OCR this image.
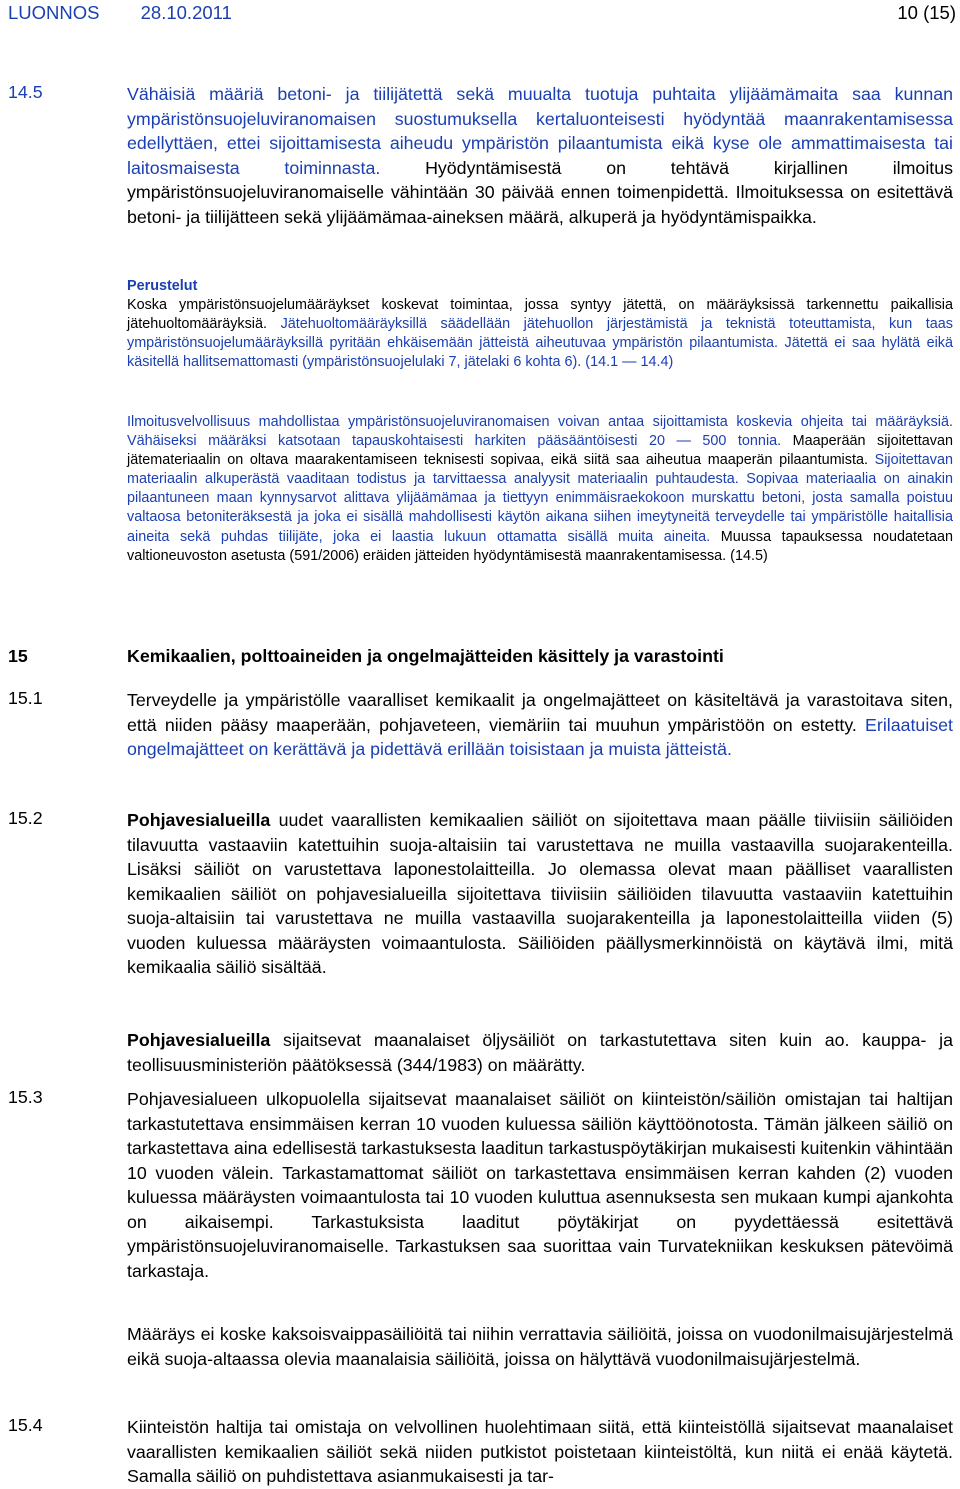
LUONNOS 28.10.2011	10 (15)
14.5	Vähäisiä määriä betoni- ja tiilijätettä sekä muualta tuotuja puhtaita ylijäämämaita saa kunnan ympäristönsuojeluviranomaisen suostumuksella kertaluonteisesti hyödyntää maanrakentamisessa edellyttäen, ettei sijoittamisesta aiheudu ympäristön pilaantumista eikä kyse ole ammattimaisesta tai laitosmaisesta toiminnasta.	Hyödyntämisestä on tehtävä kirjallinen ilmoitus ympäristönsuojeluviranomaiselle vähintään 30 päivää ennen toimenpidettä. Ilmoituksessa on esitettävä betoni- ja tiilijätteen sekä ylijäämämaa-aineksen määrä, alkuperä ja hyödyntämispaikka.

Perustelut

Koska ympäristönsuojelumääräykset koskevat toimintaa, jossa syntyy jätettä, on määräyksissä tarkennettu paikallisia jätehuoltomääräyksiä. Jätehuoltomääräyksillä säädellään jätehuollon järjestämistä ja teknistä toteuttamista, kun taas ympäristönsuojelumääräyksillä pyritään ehkäisemään jätteistä aiheutuvaa ympäristön pilaantumista. Jätettä ei saa hylätä eikä käsitellä hallitsemattomasti (ympäristönsuojelulaki 7, jätelaki 6 kohta 6). (14.1 — 14.4)

Ilmoitusvelvollisuus mahdollistaa ympäristönsuojeluviranomaisen voivan antaa sijoittamista koskevia ohjeita tai määräyksiä. Vähäiseksi määräksi katsotaan tapauskohtaisesti harkiten pääsääntöisesti 20 — 500 tonnia. Maaperään sijoitettavan jätemateriaalin on oltava maarakentamiseen teknisesti sopivaa, eikä siitä saa aiheutua maaperän pilaantumista. Sijoitettavan materiaalin alkuperästä vaaditaan todistus ja tarvittaessa analyysit materiaalin puhtaudesta. Sopivaa materiaalia on ainakin pilaantuneen maan kynnysarvot alittava ylijäämämaa ja tiettyyn enimmäisraekokoon murskattu betoni, josta samalla poistuu valtaosa betoniteräksestä ja joka ei sisällä mahdollisesti käytön aikana siihen imeytyneitä terveydelle tai ympäristölle haitallisia aineita sekä puhdas tiilijäte, joka ei laastia lukuun ottamatta sisällä muita aineita. Muussa tapauksessa noudatetaan valtioneuvoston asetusta (591/2006) eräiden jätteiden hyödyntämisestä maanrakentamisessa. (14.5)

15	Kemikaalien, polttoaineiden ja ongelmajätteiden käsittely ja varastointi
15.1	Terveydelle ja ympäristölle vaaralliset kemikaalit ja ongelmajätteet on käsiteltävä ja varastoitava siten, että niiden pääsy maaperään, pohjaveteen, viemäriin tai muuhun ympäristöön on estetty. Erilaatuiset ongelmajätteet on kerättävä ja pidettävä erillään toisistaan ja muista jätteistä.

15.2	Pohjavesialueilla uudet vaarallisten kemikaalien säiliöt on sijoitettava maan päälle tiiviisiin säiliöiden tilavuutta vastaaviin katettuihin suoja-altaisiin tai varustettava ne muilla vastaavilla suojarakenteilla. Lisäksi säiliöt on varustettava laponestolaitteilla. Jo olemassa olevat maan päälliset vaarallisten kemikaalien säiliöt on pohjavesialueilla sijoitettava tiiviisiin säiliöiden tilavuutta vastaaviin katettuihin suoja-altaisiin tai varustettava ne muilla vastaavilla suojarakenteilla ja laponestolaitteilla viiden (5) vuoden kuluessa määräysten voimaantulosta. Säiliöiden päällysmerkinnöistä on käytävä ilmi, mitä kemikaalia säiliö sisältää.

Pohjavesialueilla sijaitsevat maanalaiset öljysäiliöt on tarkastutettava siten kuin ao. kauppa- ja teollisuusministeriön päätöksessä (344/1983) on määrätty.

15.3	Pohjavesialueen ulkopuolella sijaitsevat maanalaiset säiliöt on kiinteistön/säiliön omistajan tai haltijan tarkastutettava ensimmäisen kerran 10 vuoden kuluessa säiliön käyttöönotosta. Tämän jälkeen säiliö on tarkastettava aina edellisestä tarkastuksesta laaditun tarkastuspöytäkirjan mukaisesti kuitenkin vähintään 10 vuoden välein. Tarkastamattomat säiliöt on tarkastettava ensimmäisen kerran kahden (2) vuoden kuluessa määräysten voimaantulosta tai 10 vuoden kuluttua asennuksesta sen mukaan kumpi ajankohta on aikaisempi. Tarkastuksista laaditut pöytäkirjat on pyydettäessä esitettävä ympäristönsuojeluviranomaiselle. Tarkastuksen saa suorittaa vain Turvatekniikan keskuksen pätevöimä tarkastaja.

Määräys ei koske kaksoisvaippasäiliöitä tai niihin verrattavia säiliöitä, joissa on vuodonilmaisujärjestelmä eikä suoja-altaassa olevia maanalaisia säiliöitä, joissa on hälyttävä vuodonilmaisujärjestelmä.

15.4	Kiinteistön haltija tai omistaja on velvollinen huolehtimaan siitä, että kiinteistöllä sijaitsevat maanalaiset vaarallisten kemikaalien säiliöt sekä niiden putkistot poistetaan kiinteistöltä, kun niitä ei enää käytetä. Samalla säiliö on puhdistettava asianmukaisesti ja tar-
